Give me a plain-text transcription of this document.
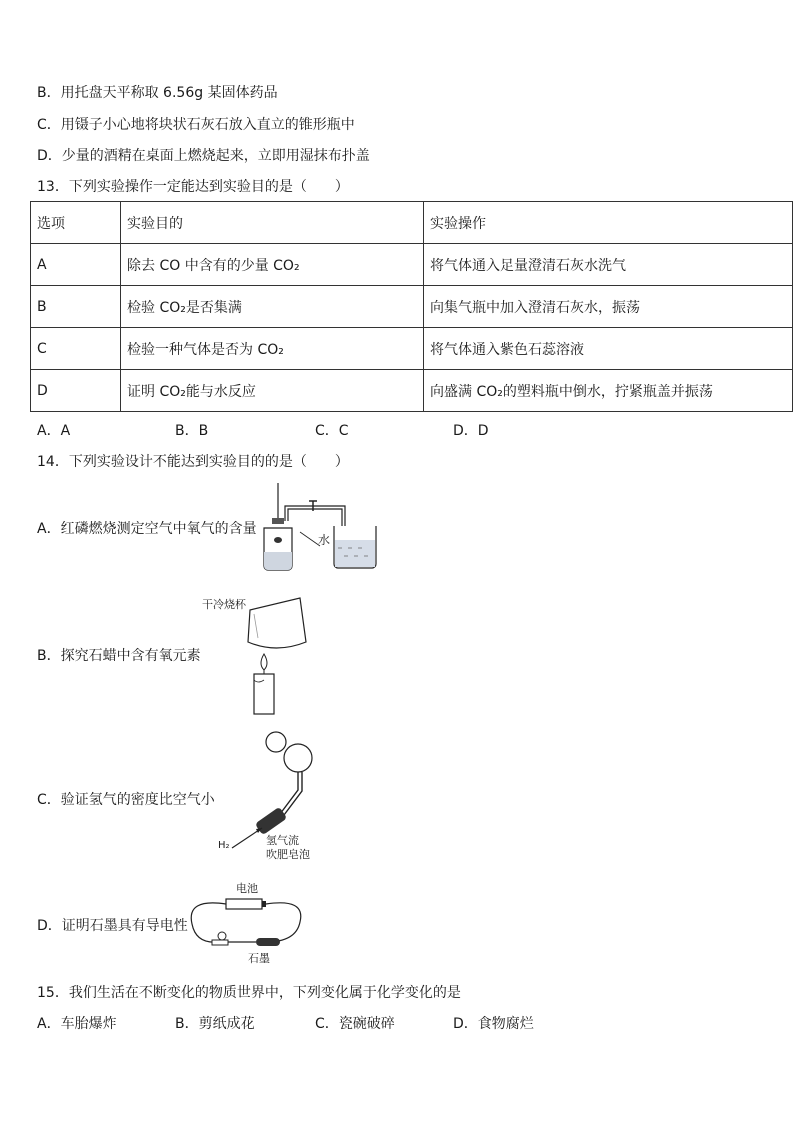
B．用托盘天平称取 6.56g 某固体药品
C．用镊子小心地将块状石灰石放入直立的锥形瓶中
D．少量的酒精在桌面上燃烧起来，立即用湿抹布扑盖
13．下列实验操作一定能达到实验目的是（　　）
选项	实验目的	实验操作
A	除去 CO 中含有的少量 CO₂	将气体通入足量澄清石灰水洗气
B	检验 CO₂是否集满	向集气瓶中加入澄清石灰水，振荡
C	检验一种气体是否为 CO₂	将气体通入紫色石蕊溶液
D	证明 CO₂能与水反应	向盛满 CO₂的塑料瓶中倒水，拧紧瓶盖并振荡
A．A	B．B	C．C	D．D
14．下列实验设计不能达到实验目的的是（　　）
A．红磷燃烧测定空气中氧气的含量
水
B．探究石蜡中含有氧元素
干冷烧杯
C．验证氢气的密度比空气小
H₂	氢气流
吹肥皂泡
D．证明石墨具有导电性
电池
石墨
15．我们生活在不断变化的物质世界中，下列变化属于化学变化的是
A．车胎爆炸	B．剪纸成花	C．瓷碗破碎	D．食物腐烂
